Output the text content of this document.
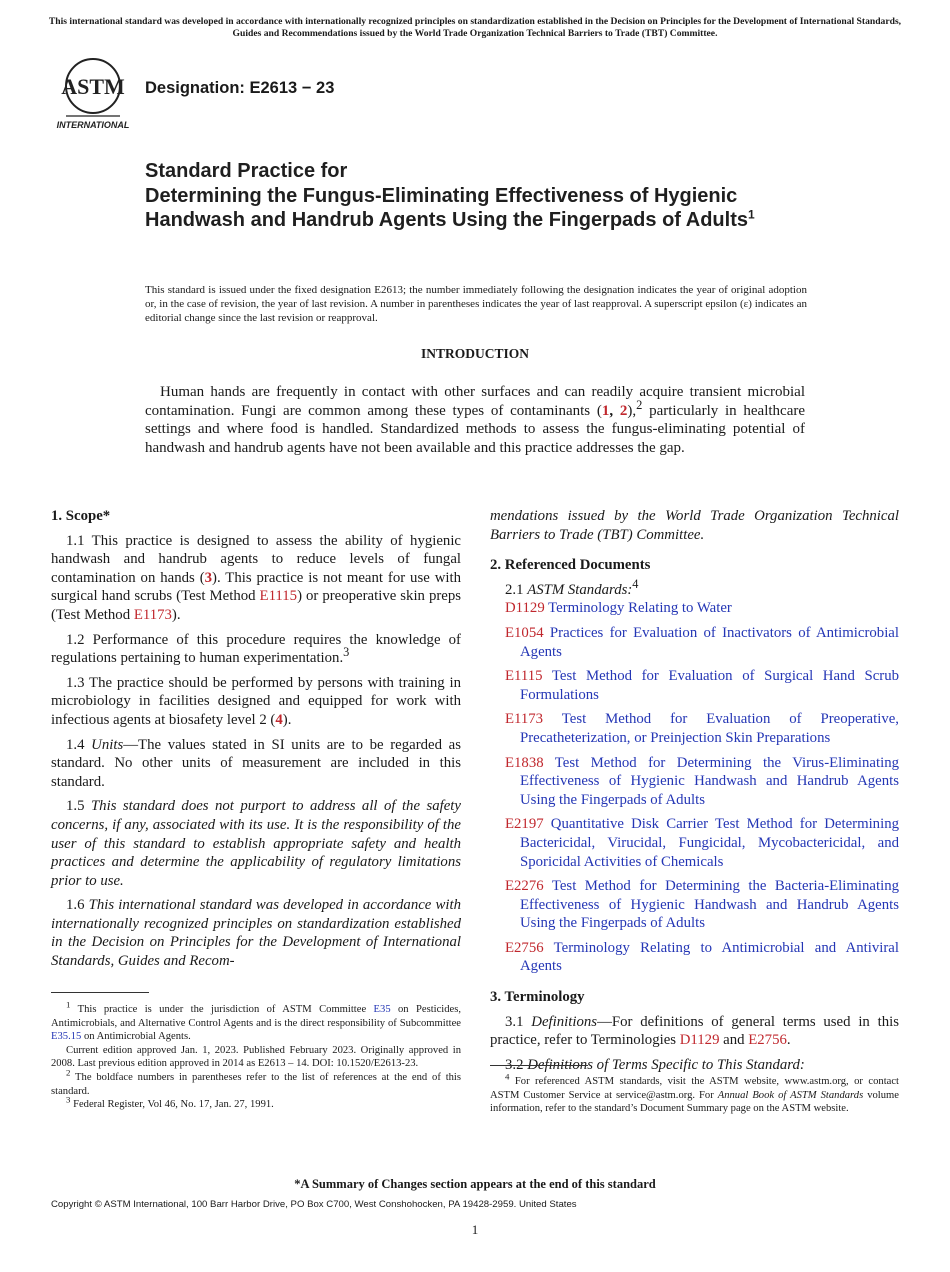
This international standard was developed in accordance with internationally recognized principles on standardization established in the Decision on Principles for the Development of International Standards, Guides and Recommendations issued by the World Trade Organization Technical Barriers to Trade (TBT) Committee.
ASTM
INTERNATIONAL
Designation: E2613 − 23
Standard Practice for
Determining the Fungus-Eliminating Effectiveness of Hygienic Handwash and Handrub Agents Using the Fingerpads of Adults$^1$
This standard is issued under the fixed designation E2613; the number immediately following the designation indicates the year of original adoption or, in the case of revision, the year of last revision. A number in parentheses indicates the year of last reapproval. A superscript epsilon (ε) indicates an editorial change since the last revision or reapproval.
INTRODUCTION

Human hands are frequently in contact with other surfaces and can readily acquire transient microbial contamination. Fungi are common among these types of contaminants (1, 2),$^2$ particularly in healthcare settings and where food is handled. Standardized methods to assess the fungus-eliminating potential of handwash and handrub agents have not been available and this practice addresses the gap.

1. Scope*

1.1 This practice is designed to assess the ability of hygienic handwash and handrub agents to reduce levels of fungal contamination on hands (3). This practice is not meant for use with surgical hand scrubs (Test Method E1115) or preoperative skin preps (Test Method E1173).

1.2 Performance of this procedure requires the knowledge of regulations pertaining to human experimentation.$^3$

1.3 The practice should be performed by persons with training in microbiology in facilities designed and equipped for work with infectious agents at biosafety level 2 (4).

1.4 Units—The values stated in SI units are to be regarded as standard. No other units of measurement are included in this standard.

1.5 This standard does not purport to address all of the safety concerns, if any, associated with its use. It is the responsibility of the user of this standard to establish appropriate safety and health practices and determine the applicability of regulatory limitations prior to use.

1.6 This international standard was developed in accordance with internationally recognized principles on standardization established in the Decision on Principles for the Development of International Standards, Guides and Recom-

$^1$ This practice is under the jurisdiction of ASTM Committee E35 on Pesticides, Antimicrobials, and Alternative Control Agents and is the direct responsibility of Subcommittee E35.15 on Antimicrobial Agents.

Current edition approved Jan. 1, 2023. Published February 2023. Originally approved in 2008. Last previous edition approved in 2014 as E2613 – 14. DOI: 10.1520/E2613-23.

$^2$ The boldface numbers in parentheses refer to the list of references at the end of this standard.

$^3$ Federal Register, Vol 46, No. 17, Jan. 27, 1991.

mendations issued by the World Trade Organization Technical Barriers to Trade (TBT) Committee.

2. Referenced Documents

2.1 ASTM Standards:$^4$

D1129 Terminology Relating to Water

E1054 Practices for Evaluation of Inactivators of Antimicrobial Agents

E1115 Test Method for Evaluation of Surgical Hand Scrub Formulations

E1173 Test Method for Evaluation of Preoperative, Precatheterization, or Preinjection Skin Preparations

E1838 Test Method for Determining the Virus-Eliminating Effectiveness of Hygienic Handwash and Handrub Agents Using the Fingerpads of Adults

E2197 Quantitative Disk Carrier Test Method for Determining Bactericidal, Virucidal, Fungicidal, Mycobactericidal, and Sporicidal Activities of Chemicals

E2276 Test Method for Determining the Bacteria-Eliminating Effectiveness of Hygienic Handwash and Handrub Agents Using the Fingerpads of Adults

E2756 Terminology Relating to Antimicrobial and Antiviral Agents

3. Terminology

3.1 Definitions—For definitions of general terms used in this practice, refer to Terminologies D1129 and E2756.

3.2 Definitions of Terms Specific to This Standard:

$^4$ For referenced ASTM standards, visit the ASTM website, www.astm.org, or contact ASTM Customer Service at service@astm.org. For Annual Book of ASTM Standards volume information, refer to the standard’s Document Summary page on the ASTM website.

*A Summary of Changes section appears at the end of this standard
Copyright © ASTM International, 100 Barr Harbor Drive, PO Box C700, West Conshohocken, PA 19428-2959. United States
1
